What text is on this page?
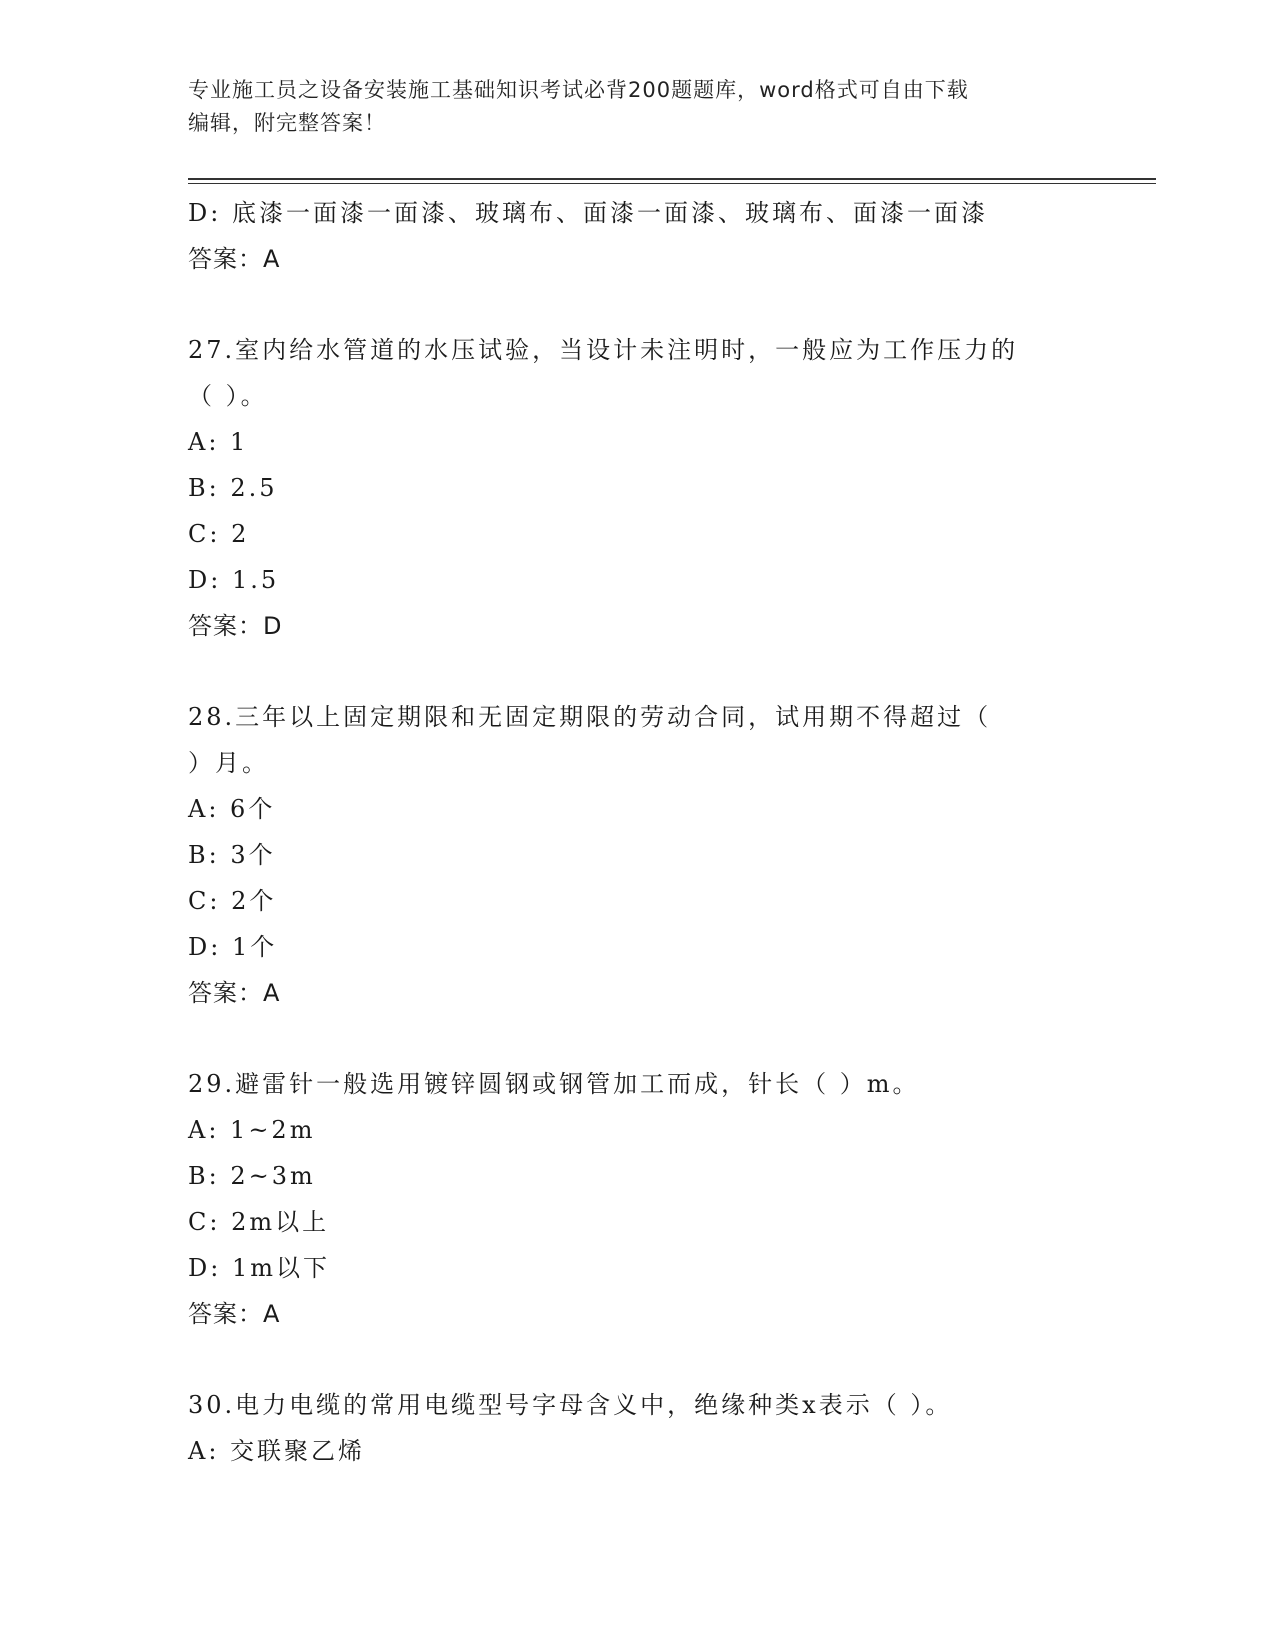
专业施工员之设备安装施工基础知识考试必背200题题库，word格式可自由下载
编辑，附完整答案！
D: 底漆一面漆一面漆、玻璃布、面漆一面漆、玻璃布、面漆一面漆
答案：A
27.室内给水管道的水压试验，当设计未注明时，一般应为工作压力的
（ ）。
A: 1
B: 2.5
C: 2
D: 1.5
答案：D
28.三年以上固定期限和无固定期限的劳动合同，试用期不得超过（
）月。
A: 6个
B: 3个
C: 2个
D: 1个
答案：A
29.避雷针一般选用镀锌圆钢或钢管加工而成，针长（ ）m。
A: 1~2m
B: 2~3m
C: 2m以上
D: 1m以下
答案：A
30.电力电缆的常用电缆型号字母含义中，绝缘种类x表示（ ）。
A: 交联聚乙烯
